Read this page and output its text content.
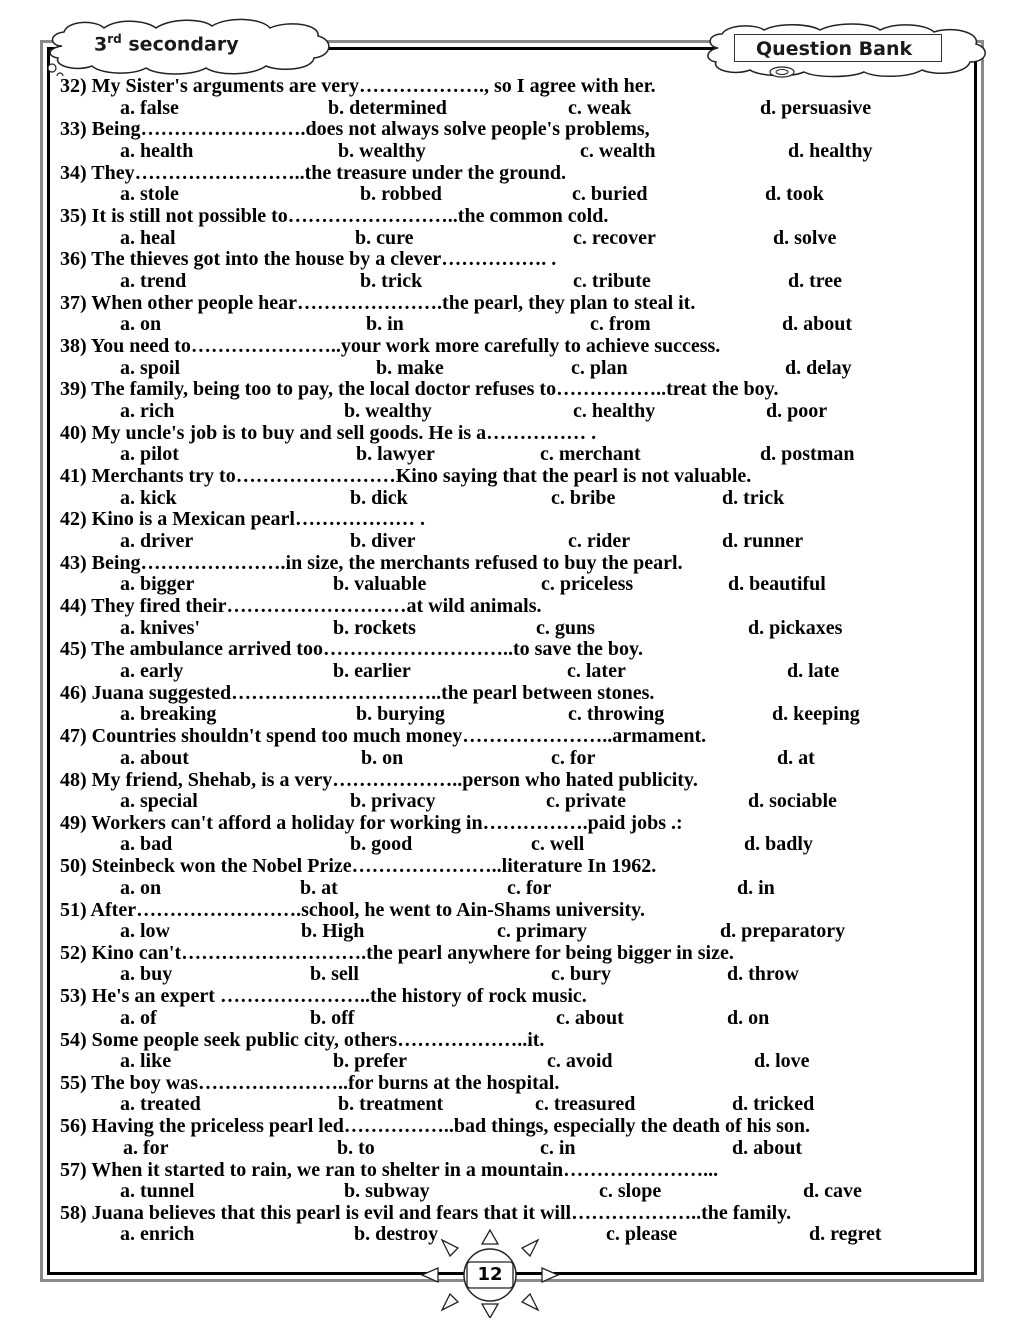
3rd secondary	Question Bank
32) My Sister's arguments are very………………., so I agree with her.
a. false	b. determined	c. weak	d. persuasive
33) Being…………………….does not always solve people's problems,
a. health	b. wealthy	c. wealth	d. healthy
34) They……………………..the treasure under the ground.
a. stole	b. robbed	c. buried	d. took
35) It is still not possible to……………………..the common cold.
a. heal	b. cure	c. recover	d. solve
36) The thieves got into the house by a clever……………. .
a. trend	b. trick	c. tribute	d. tree
37) When other people hear………………….the pearl, they plan to steal it.
a. on	b. in	c. from	d. about
38) You need to…………………..your work more carefully to achieve success.
a. spoil	b. make	c. plan	d. delay
39) The family, being too to pay, the local doctor refuses to……………..treat the boy.
a. rich	b. wealthy	c. healthy	d. poor
40) My uncle's job is to buy and sell goods. He is a…………… .
a. pilot	b. lawyer	c. merchant	d. postman
41) Merchants try to……………………Kino saying that the pearl is not valuable.
a. kick	b. dick	c. bribe	d. trick
42) Kino is a Mexican pearl……………… .
a. driver	b. diver	c. rider	d. runner
43) Being………………….in size, the merchants refused to buy the pearl.
a. bigger	b. valuable	c. priceless	d. beautiful
44) They fired their………………………at wild animals.
a. knives'	b. rockets	c. guns	d. pickaxes
45) The ambulance arrived too………………………..to save the boy.
a. early	b. earlier	c. later	d. late
46) Juana suggested…………………………..the pearl between stones.
a. breaking	b. burying	c. throwing	d. keeping
47) Countries shouldn't spend too much money…………………..armament.
a. about	b. on	c. for	d. at
48) My friend, Shehab, is a very………………..person who hated publicity.
a. special	b. privacy	c. private	d. sociable
49) Workers can't afford a holiday for working in…………….paid jobs .:
a. bad	b. good	c. well	d. badly
50) Steinbeck won the Nobel Prize…………………..literature In 1962.
a. on	b. at	c. for	d. in
51) After…………………….school, he went to Ain-Shams university.
a. low	b. High	c. primary	d. preparatory
52) Kino can't……………………….the pearl anywhere for being bigger in size.
a. buy	b. sell	c. bury	d. throw
53) He's an expert …………………..the history of rock music.
a. of	b. off	c. about	d. on
54) Some people seek public city, others………………..it.
a. like	b. prefer	c. avoid	d. love
55) The boy was…………………..for burns at the hospital.
a. treated	b. treatment	c. treasured	d. tricked
56) Having the priceless pearl led……………..bad things, especially the death of his son.
a. for	b. to	c. in	d. about
57) When it started to rain, we ran to shelter in a mountain…………………...
a. tunnel	b. subway	c. slope	d. cave
58) Juana believes that this pearl is evil and fears that it will………………..the family.
a. enrich	b. destroy	c. please	d. regret
12
